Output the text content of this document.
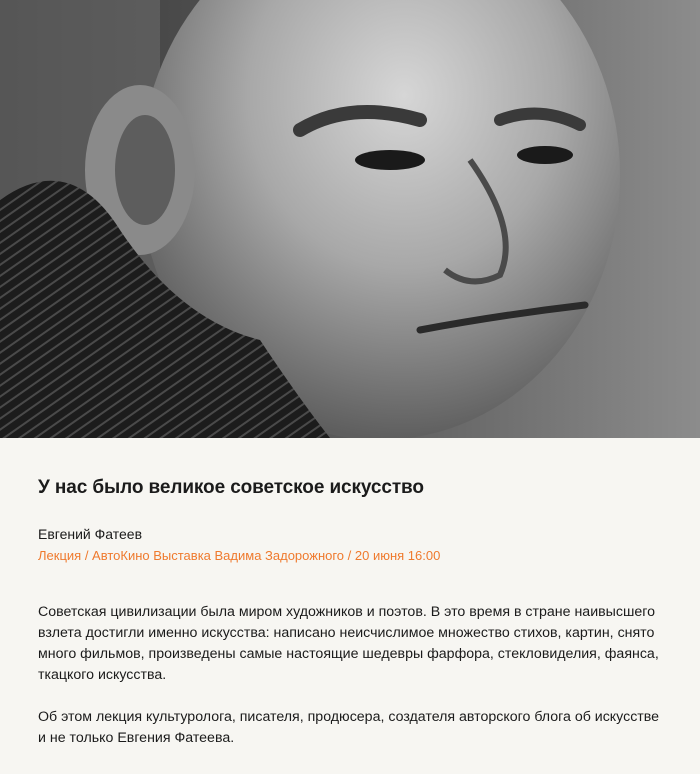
У нас было великое советское искусство
Евгений Фатеев
Лекция / АвтоКино Выставка Вадима Задорожного / 20 июня 16:00

Советская цивилизации была миром художников и поэтов. В это время в стране наивысшего взлета достигли именно искусства: написано неисчислимое множество стихов, картин, снято много фильмов, произведены самые настоящие шедевры фарфора, стекловиделия, фаянса, ткацкого искусства.

Об этом лекция культуролога, писателя, продюсера, создателя авторского блога об искусстве и не только Евгения Фатеева.
